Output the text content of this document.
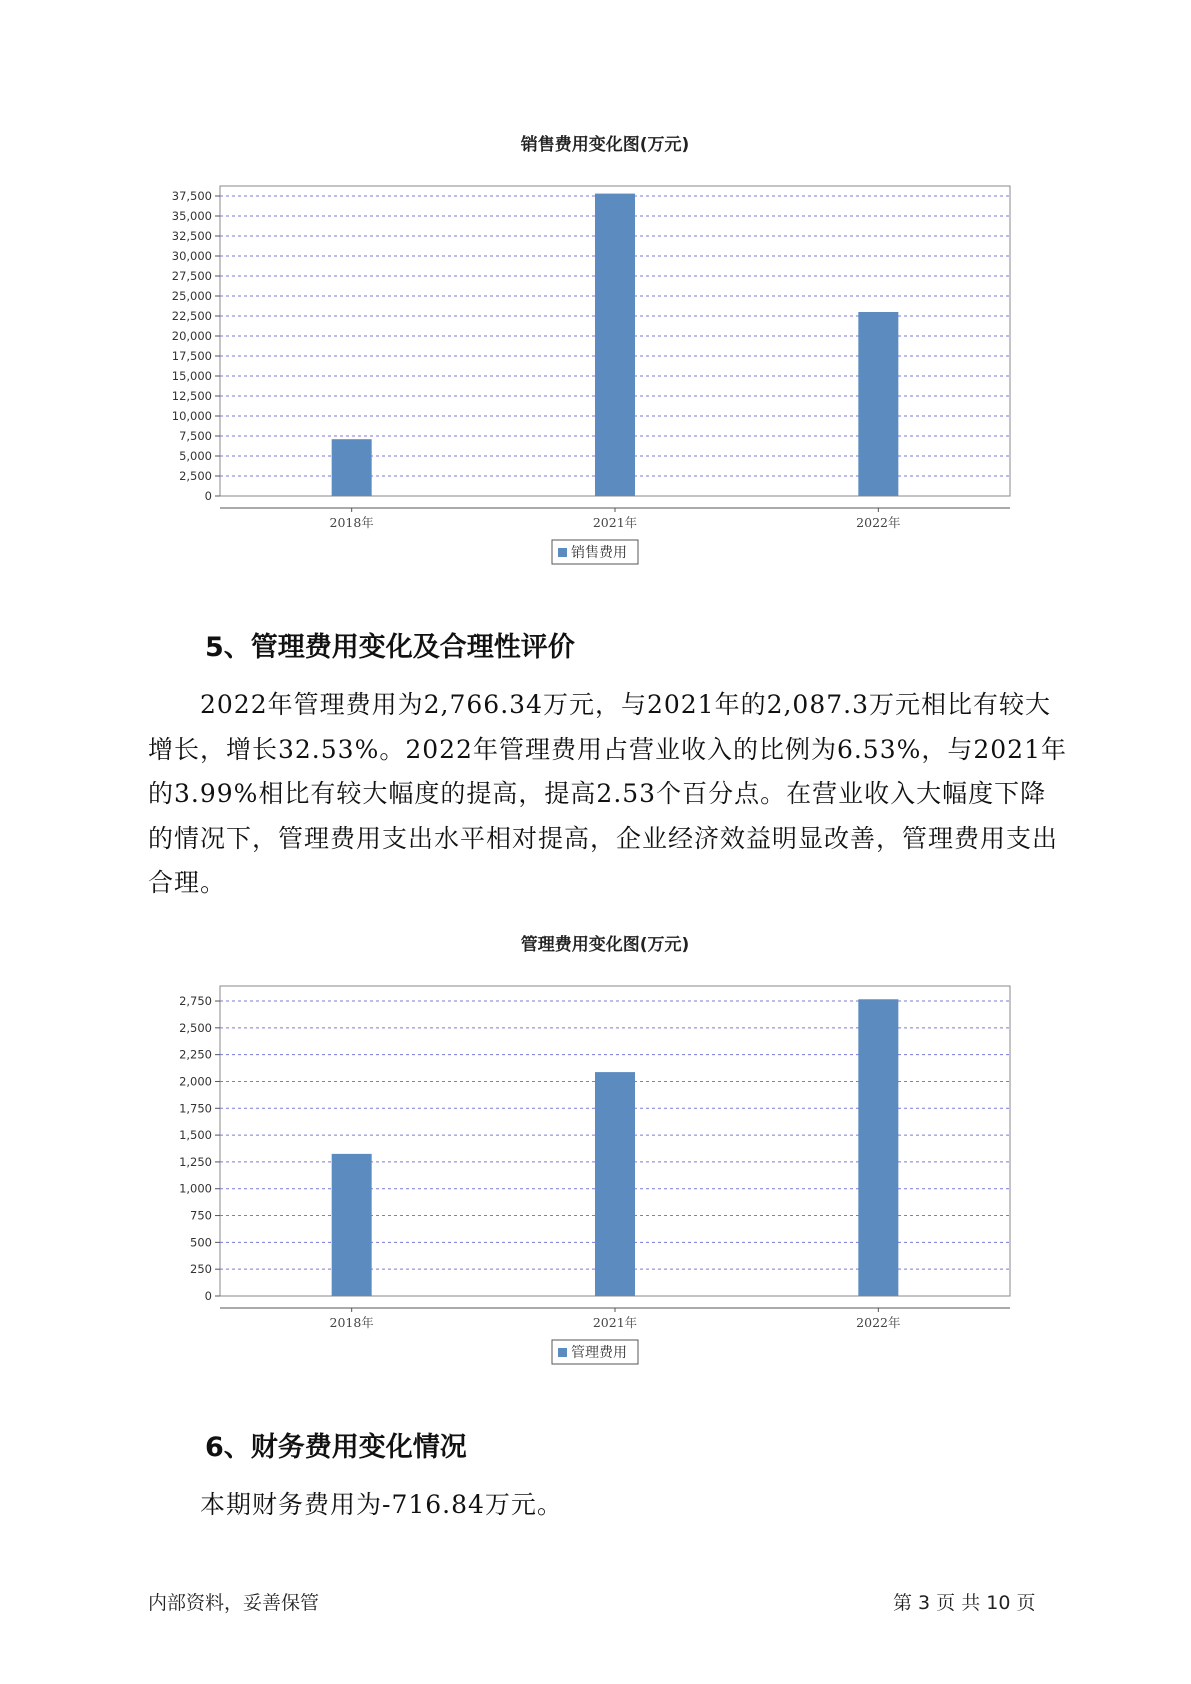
销售费用变化图(万元)
0
2,500
5,000
7,500
10,000
12,500
15,000
17,500
20,000
22,500
25,000
27,500
30,000
32,500
35,000
37,500
2018年	2021年	2022年
销售费用
5、管理费用变化及合理性评价

2022年管理费用为2,766.34万元，与2021年的2,087.3万元相比有较大增长，增长32.53%。2022年管理费用占营业收入的比例为6.53%，与2021年的3.99%相比有较大幅度的提高，提高2.53个百分点。在营业收入大幅度下降的情况下，管理费用支出水平相对提高，企业经济效益明显改善，管理费用支出合理。

管理费用变化图(万元)
0
250
500
750
1,000
1,250
1,500
1,750
2,000
2,250
2,500
2,750
2018年	2021年	2022年
管理费用
6、财务费用变化情况

本期财务费用为-716.84万元。

内部资料，妥善保管	第 3 页 共 10 页
